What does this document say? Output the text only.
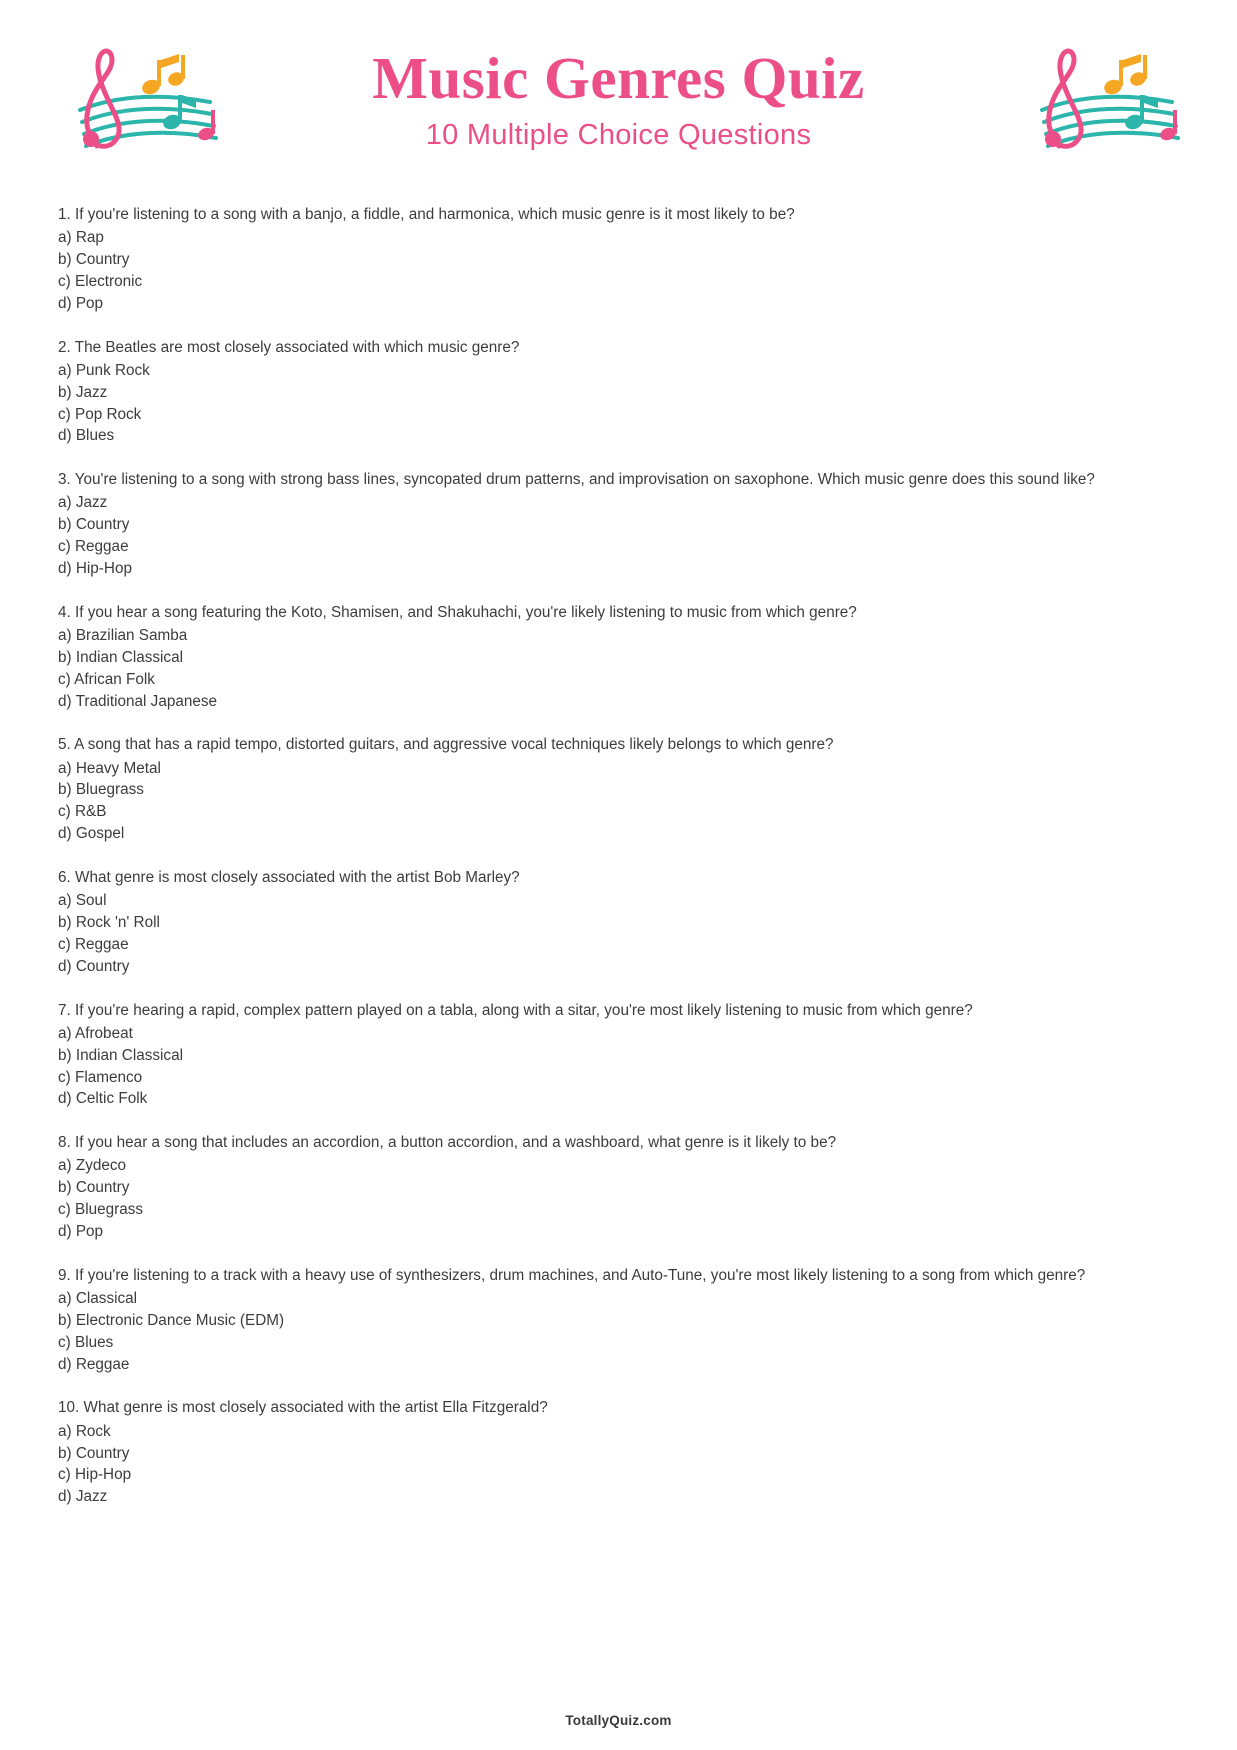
Music Genres Quiz
10 Multiple Choice Questions

1. If you're listening to a song with a banjo, a fiddle, and harmonica, which music genre is it most likely to be?

a) Rap

b) Country

c) Electronic

d) Pop

2. The Beatles are most closely associated with which music genre?

a) Punk Rock

b) Jazz

c) Pop Rock

d) Blues

3. You're listening to a song with strong bass lines, syncopated drum patterns, and improvisation on saxophone. Which music genre does this sound like?

a) Jazz

b) Country

c) Reggae

d) Hip-Hop

4. If you hear a song featuring the Koto, Shamisen, and Shakuhachi, you're likely listening to music from which genre?

a) Brazilian Samba

b) Indian Classical

c) African Folk

d) Traditional Japanese

5. A song that has a rapid tempo, distorted guitars, and aggressive vocal techniques likely belongs to which genre?

a) Heavy Metal

b) Bluegrass

c) R&B

d) Gospel

6. What genre is most closely associated with the artist Bob Marley?

a) Soul

b) Rock 'n' Roll

c) Reggae

d) Country

7. If you're hearing a rapid, complex pattern played on a tabla, along with a sitar, you're most likely listening to music from which genre?

a) Afrobeat

b) Indian Classical

c) Flamenco

d) Celtic Folk

8. If you hear a song that includes an accordion, a button accordion, and a washboard, what genre is it likely to be?

a) Zydeco

b) Country

c) Bluegrass

d) Pop

9. If you're listening to a track with a heavy use of synthesizers, drum machines, and Auto-Tune, you're most likely listening to a song from which genre?

a) Classical

b) Electronic Dance Music (EDM)

c) Blues

d) Reggae

10. What genre is most closely associated with the artist Ella Fitzgerald?

a) Rock

b) Country

c) Hip-Hop

d) Jazz

TotallyQuiz.com
